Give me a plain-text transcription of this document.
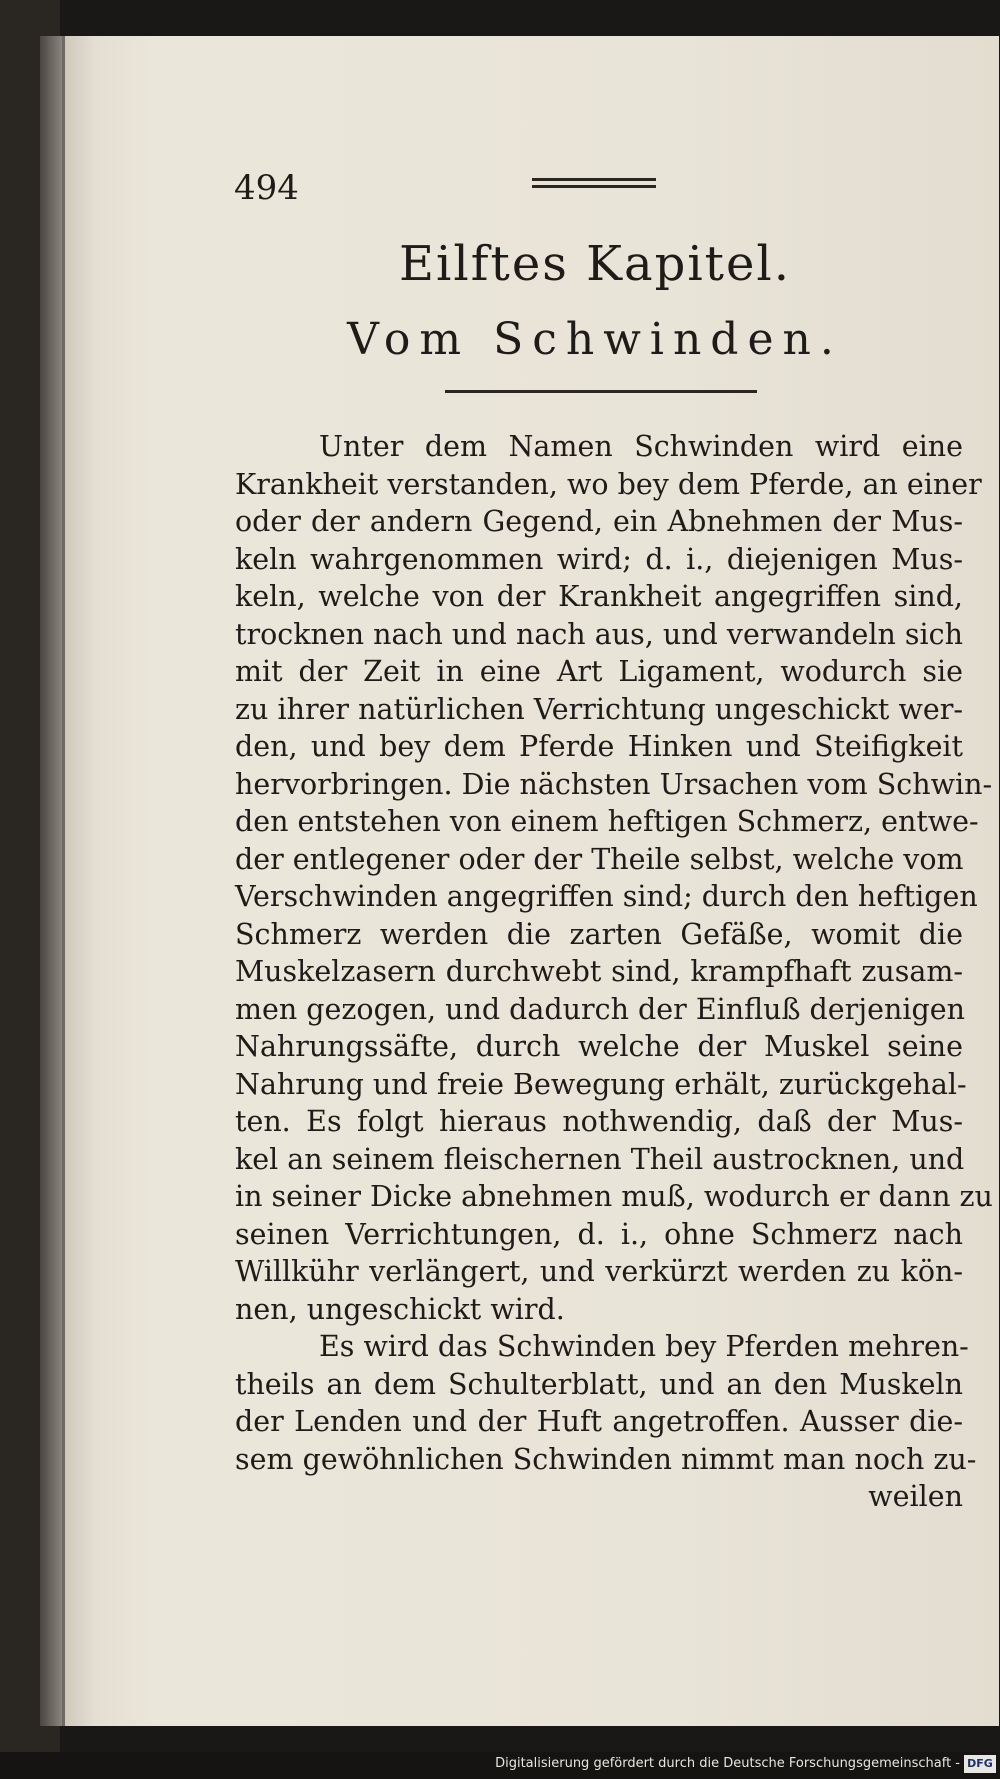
494
Eilftes Kapitel.
Vom Schwinden.
Unter dem Namen Schwinden wird eine
Krankheit verstanden, wo bey dem Pferde, an einer
oder der andern Gegend, ein Abnehmen der Mus-
keln wahrgenommen wird; d. i., diejenigen Mus-
keln, welche von der Krankheit angegriffen sind,
trocknen nach und nach aus, und verwandeln sich
mit der Zeit in eine Art Ligament, wodurch sie
zu ihrer natürlichen Verrichtung ungeschickt wer-
den, und bey dem Pferde Hinken und Steifigkeit
hervorbringen. Die nächsten Ursachen vom Schwin-
den entstehen von einem heftigen Schmerz, entwe-
der entlegener oder der Theile selbst, welche vom
Verschwinden angegriffen sind; durch den heftigen
Schmerz werden die zarten Gefäße, womit die
Muskelzasern durchwebt sind, krampfhaft zusam-
men gezogen, und dadurch der Einfluß derjenigen
Nahrungssäfte, durch welche der Muskel seine
Nahrung und freie Bewegung erhält, zurückgehal-
ten. Es folgt hieraus nothwendig, daß der Mus-
kel an seinem fleischernen Theil austrocknen, und
in seiner Dicke abnehmen muß, wodurch er dann zu
seinen Verrichtungen, d. i., ohne Schmerz nach
Willkühr verlängert, und verkürzt werden zu kön-
nen, ungeschickt wird.
Es wird das Schwinden bey Pferden mehren-
theils an dem Schulterblatt, und an den Muskeln
der Lenden und der Huft angetroffen. Ausser die-
sem gewöhnlichen Schwinden nimmt man noch zu-
weilen
Digitalisierung gefördert durch die Deutsche Forschungsgemeinschaft - DFG
